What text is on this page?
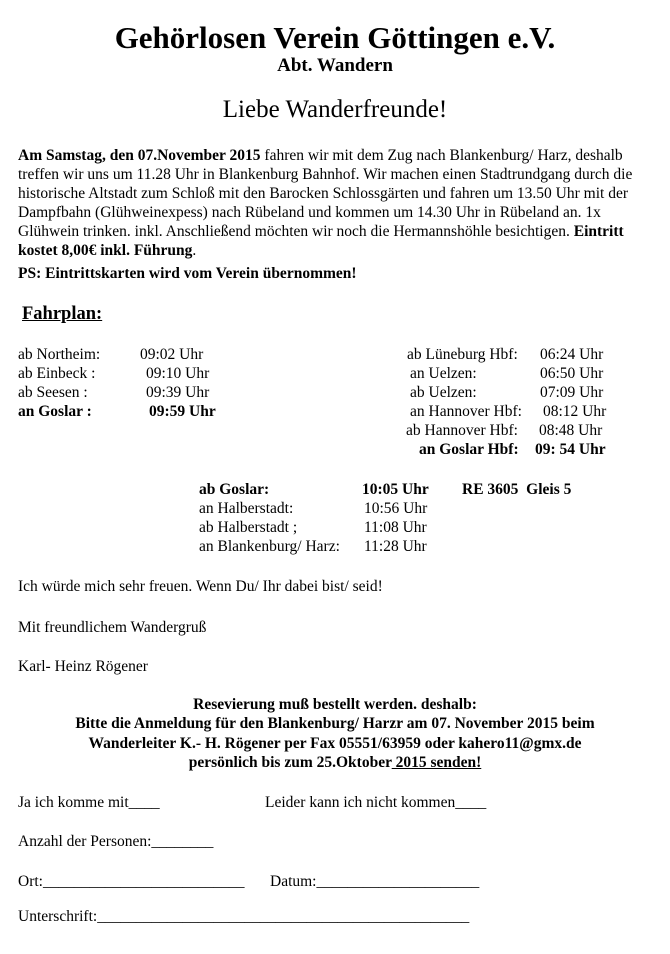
Gehörlosen Verein Göttingen e.V.
Abt. Wandern
Liebe Wanderfreunde!
Am Samstag, den 07.November 2015 fahren wir mit dem Zug nach Blankenburg/ Harz, deshalb treffen wir uns um 11.28 Uhr in Blankenburg Bahnhof. Wir machen einen Stadtrundgang durch die historische Altstadt zum Schloß mit den Barocken Schlossgärten und fahren um 13.50 Uhr mit der Dampfbahn (Glühweinexpess) nach Rübeland und kommen um 14.30 Uhr in Rübeland an. 1x Glühwein trinken. inkl. Anschließend möchten wir noch die Hermannshöhle besichtigen. Eintritt kostet 8,00€ inkl. Führung.
PS: Eintrittskarten wird vom Verein übernommen!
Fahrplan:
ab Northeim:	09:02 Uhr
ab Einbeck :	09:10 Uhr
ab Seesen :	09:39 Uhr
an Goslar :	09:59 Uhr
ab Lüneburg Hbf: 06:24 Uhr
an Uelzen:	06:50 Uhr
ab Uelzen:	07:09 Uhr
an Hannover Hbf: 08:12 Uhr
ab Hannover Hbf: 08:48 Uhr
an Goslar Hbf: 09: 54 Uhr
ab Goslar:	10:05 Uhr RE 3605  Gleis 5
an Halberstadt:	10:56 Uhr
ab Halberstadt ;	11:08 Uhr
an Blankenburg/ Harz: 11:28 Uhr
Ich würde mich sehr freuen. Wenn Du/ Ihr dabei bist/ seid!
Mit freundlichem Wandergruß
Karl- Heinz Rögener
Resevierung muß bestellt werden. deshalb:
Bitte die Anmeldung für den Blankenburg/ Harzr am 07. November 2015 beim
Wanderleiter K.- H. Rögener per Fax 05551/63959 oder kahero11@gmx.de
persönlich bis zum 25.Oktober 2015 senden!
Ja ich komme mit____	Leider kann ich nicht kommen____
Anzahl der Personen:________
Ort:__________________________ Datum:_____________________
Unterschrift:________________________________________________
